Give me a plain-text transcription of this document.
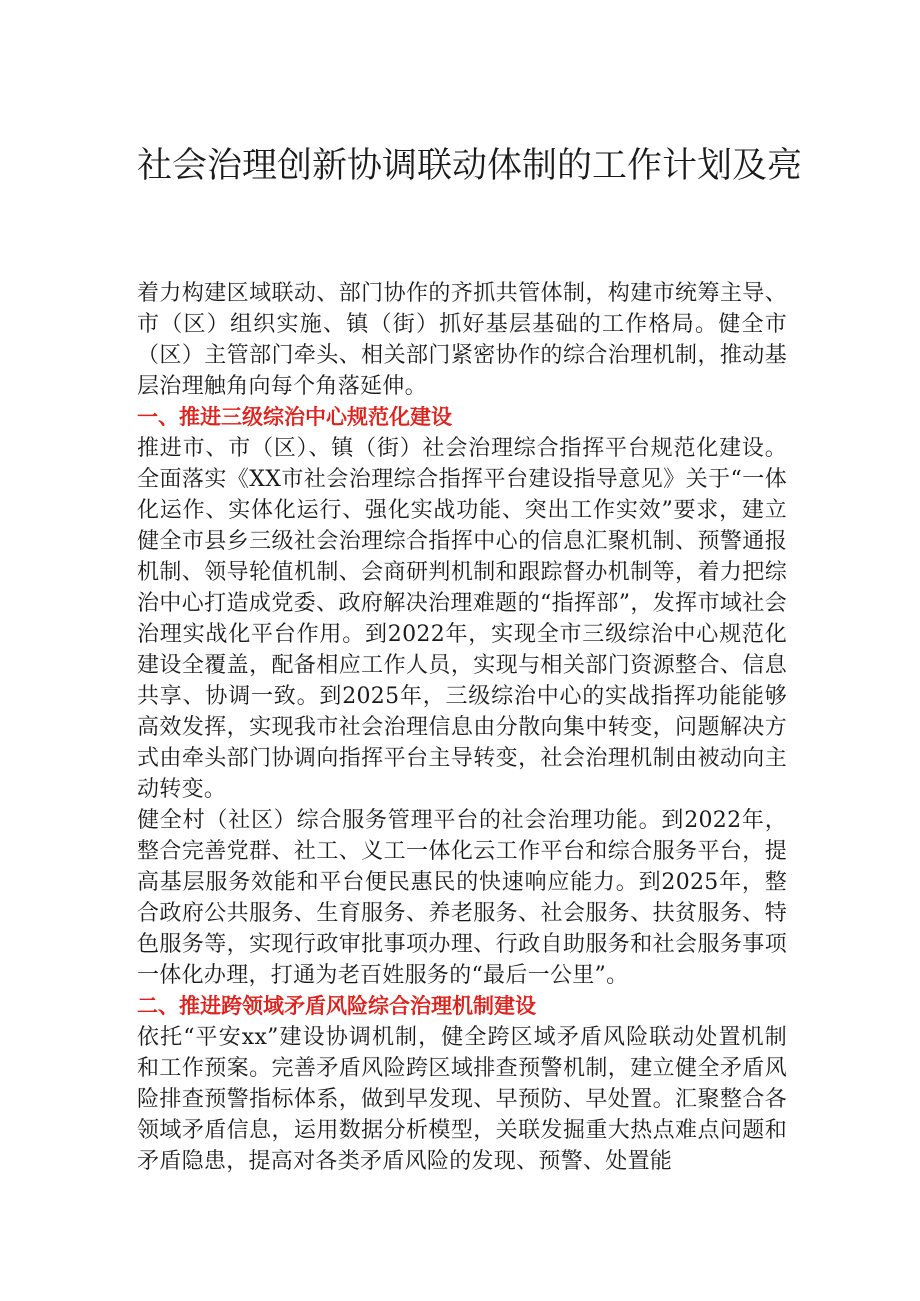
社会治理创新协调联动体制的工作计划及亮

着力构建区域联动、部门协作的齐抓共管体制，构建市统筹主导、市（区）组织实施、镇（街）抓好基层基础的工作格局。健全市（区）主管部门牵头、相关部门紧密协作的综合治理机制，推动基层治理触角向每个角落延伸。

一、推进三级综治中心规范化建设

推进市、市（区）、镇（街）社会治理综合指挥平台规范化建设。全面落实《XX市社会治理综合指挥平台建设指导意见》关于“一体化运作、实体化运行、强化实战功能、突出工作实效”要求，建立健全市县乡三级社会治理综合指挥中心的信息汇聚机制、预警通报机制、领导轮值机制、会商研判机制和跟踪督办机制等，着力把综治中心打造成党委、政府解决治理难题的“指挥部”，发挥市域社会治理实战化平台作用。到2022年，实现全市三级综治中心规范化建设全覆盖，配备相应工作人员，实现与相关部门资源整合、信息共享、协调一致。到2025年，三级综治中心的实战指挥功能能够高效发挥，实现我市社会治理信息由分散向集中转变，问题解决方式由牵头部门协调向指挥平台主导转变，社会治理机制由被动向主动转变。

健全村（社区）综合服务管理平台的社会治理功能。到2022年，整合完善党群、社工、义工一体化云工作平台和综合服务平台，提高基层服务效能和平台便民惠民的快速响应能力。到2025年，整合政府公共服务、生育服务、养老服务、社会服务、扶贫服务、特色服务等，实现行政审批事项办理、行政自助服务和社会服务事项一体化办理，打通为老百姓服务的“最后一公里”。

二、推进跨领域矛盾风险综合治理机制建设

依托“平安xx”建设协调机制，健全跨区域矛盾风险联动处置机制和工作预案。完善矛盾风险跨区域排查预警机制，建立健全矛盾风险排查预警指标体系，做到早发现、早预防、早处置。汇聚整合各领域矛盾信息，运用数据分析模型，关联发掘重大热点难点问题和矛盾隐患，提高对各类矛盾风险的发现、预警、处置能
